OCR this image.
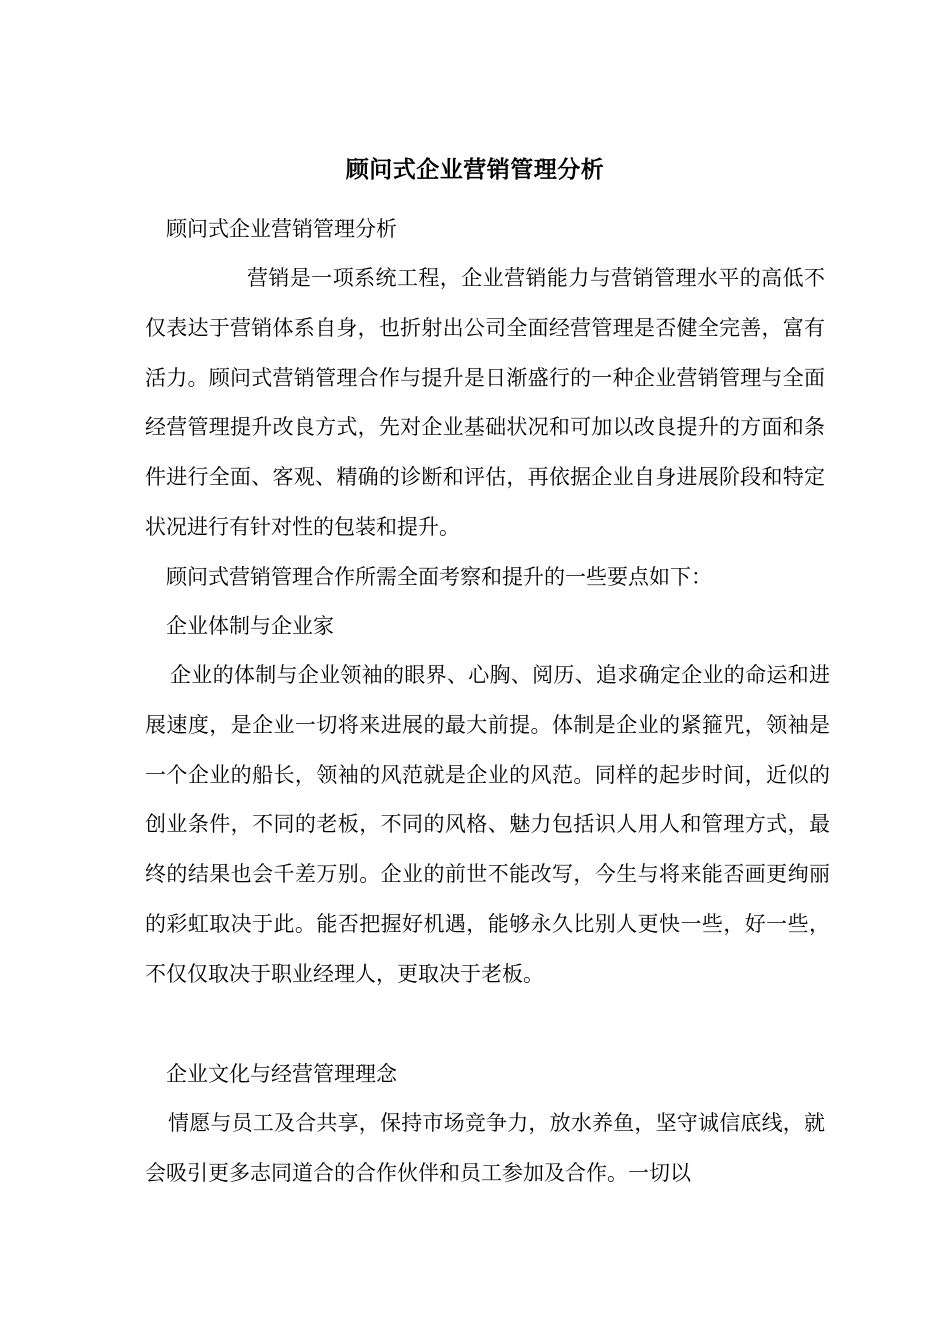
顾问式企业营销管理分析

顾问式企业营销管理分析

营销是一项系统工程，企业营销能力与营销管理水平的高低不仅表达于营销体系自身，也折射出公司全面经营管理是否健全完善，富有活力。顾问式营销管理合作与提升是日渐盛行的一种企业营销管理与全面经营管理提升改良方式，先对企业基础状况和可加以改良提升的方面和条件进行全面、客观、精确的诊断和评估，再依据企业自身进展阶段和特定状况进行有针对性的包装和提升。

顾问式营销管理合作所需全面考察和提升的一些要点如下：

企业体制与企业家

企业的体制与企业领袖的眼界、心胸、阅历、追求确定企业的命运和进展速度，是企业一切将来进展的最大前提。体制是企业的紧箍咒，领袖是一个企业的船长，领袖的风范就是企业的风范。同样的起步时间，近似的创业条件，不同的老板，不同的风格、魅力包括识人用人和管理方式，最终的结果也会千差万别。企业的前世不能改写，今生与将来能否画更绚丽的彩虹取决于此。能否把握好机遇，能够永久比别人更快一些，好一些，不仅仅取决于职业经理人，更取决于老板。

企业文化与经营管理理念

情愿与员工及合共享，保持市场竞争力，放水养鱼，坚守诚信底线，就会吸引更多志同道合的合作伙伴和员工参加及合作。一切以
